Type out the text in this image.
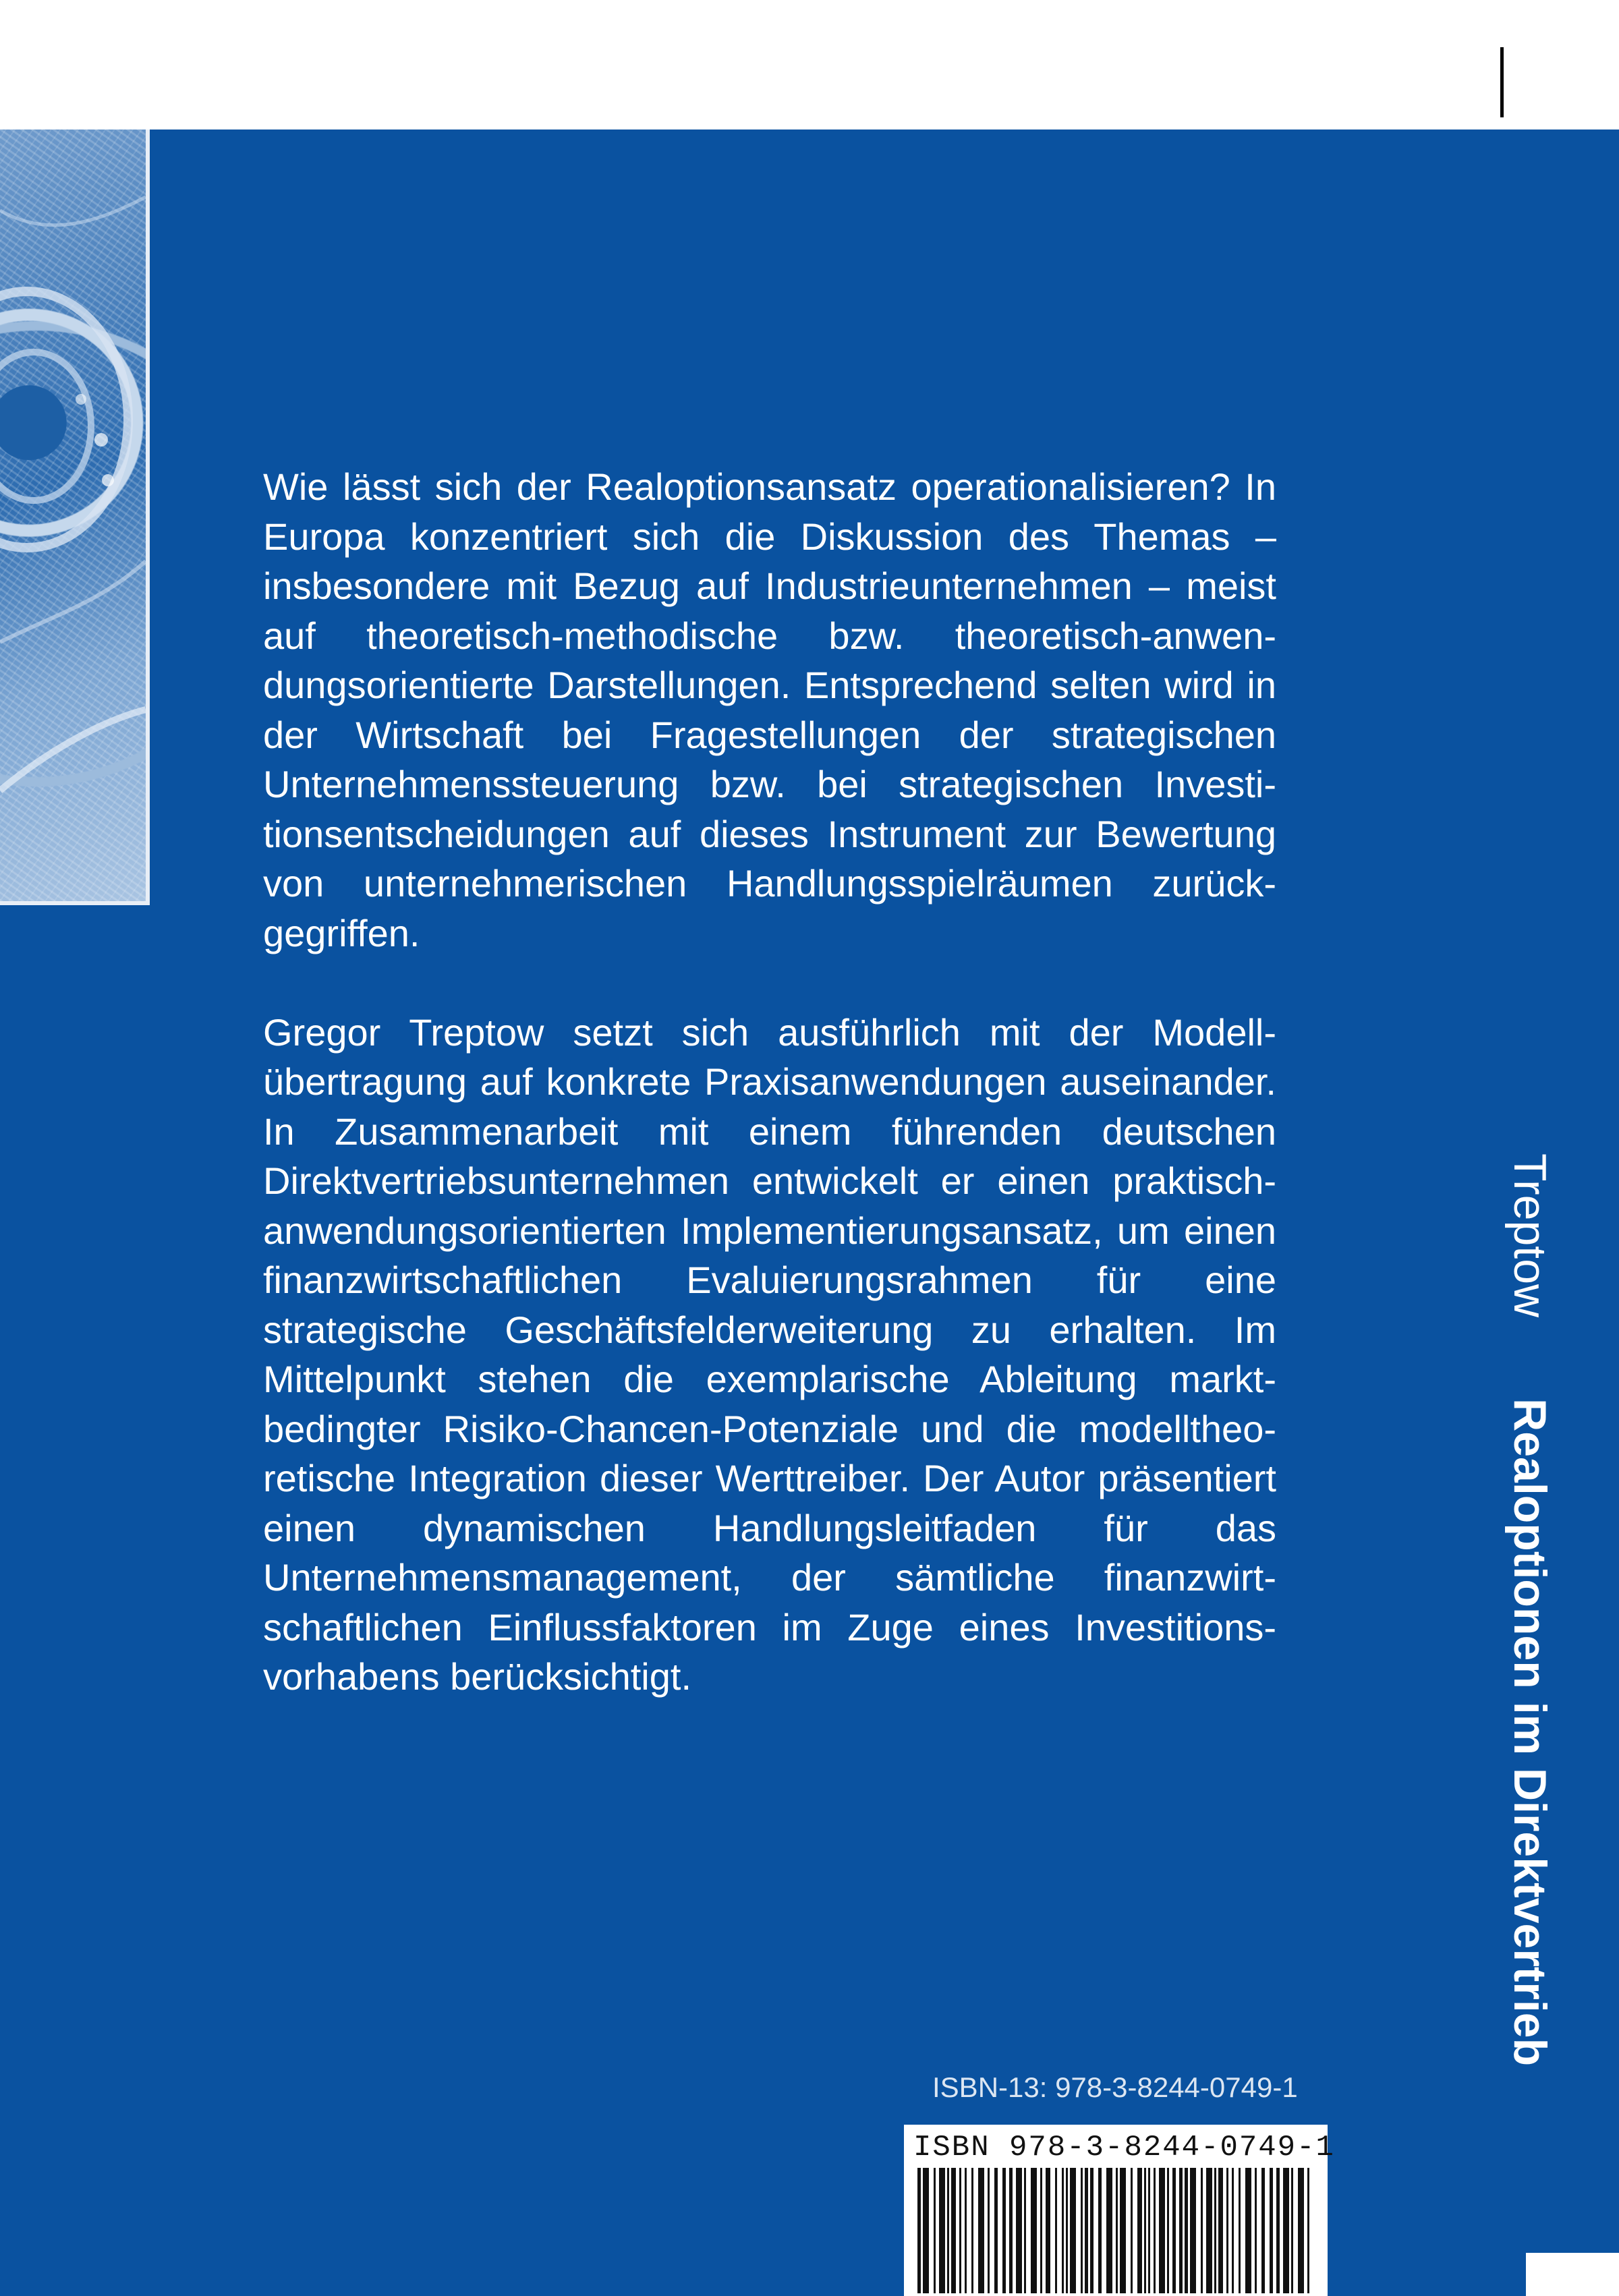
Wie lässt sich der Realoptionsansatz operationalisieren? In Europa konzentriert sich die Diskussion des Themas – insbesondere mit Bezug auf Industrieunternehmen – meist auf theoretisch-methodische bzw. theoretisch-anwendungsorientierte Darstellungen. Entsprechend selten wird in der Wirtschaft bei Fragestellungen der strategischen Unternehmenssteuerung bzw. bei strategischen Investitionsentscheidungen auf dieses Instrument zur Bewertung von unternehmerischen Handlungsspielräumen zurückgegriffen.

Gregor Treptow setzt sich ausführlich mit der Modellübertragung auf konkrete Praxisanwendungen auseinander. In Zusammenarbeit mit einem führenden deutschen Direktvertriebsunternehmen entwickelt er einen praktisch-anwendungsorientierten Implementierungsansatz, um einen finanzwirtschaftlichen Evaluierungsrahmen für eine strategische Geschäftsfelderweiterung zu erhalten. Im Mittelpunkt stehen die exemplarische Ableitung marktbedingter Risiko-Chancen-Potenziale und die modelltheoretische Integration dieser Werttreiber. Der Autor präsentiert einen dynamischen Handlungsleitfaden für das Unternehmensmanagement, der sämtliche finanzwirtschaftlichen Einflussfaktoren im Zuge eines Investitionsvorhabens berücksichtigt.

TreptowRealoptionen im Direktvertrieb
ISBN-13: 978-3-8244-0749-1
ISBN 978-3-8244-0749-1
